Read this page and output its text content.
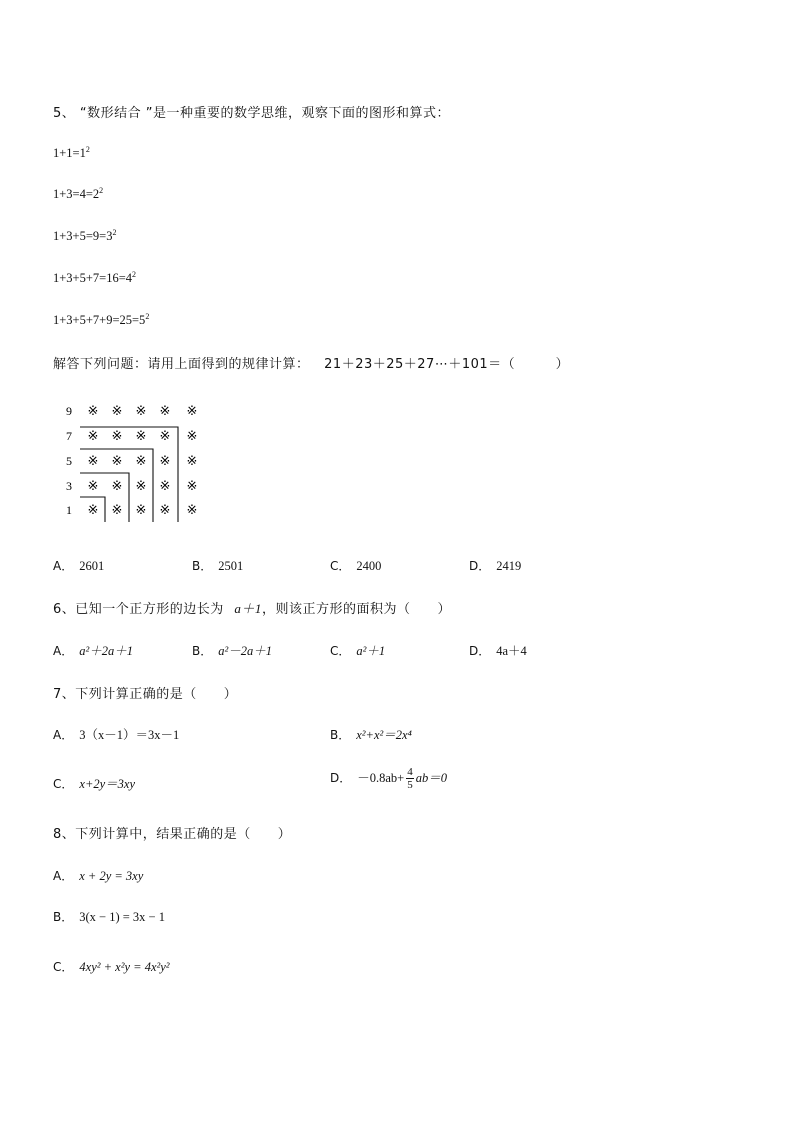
5、 “数形结合 ”是一种重要的数学思维，观察下面的图形和算式：
$1+1=1^2$
$1+3=4=2^2$
$1+3+5=9=3^2$
$1+3+5+7=16=4^2$
$1+3+5+7+9=25=5^2$
解答下列问题：请用上面得到的规律计算： 21＋23＋25＋27⋯＋101＝（　　　）
9
7
5
3
1
※ ※ ※ ※ ※
※ ※ ※ ※ ※
※ ※ ※ ※ ※
※ ※ ※ ※ ※
※ ※ ※ ※ ※
A． 2601	B． 2501	C． 2400	D． 2419
6、已知一个正方形的边长为 a＋1，则该正方形的面积为（　　）
A． a²＋2a＋1	B． a²－2a＋1	C． a²＋1	D． 4a＋4
7、下列计算正确的是（　　）
A． 3（x－1）＝3x－1	B． x²+x²＝2x⁴
C． x+2y＝3xy	D． $-0.8ab+ \frac{4}{5} ab=0$
8、下列计算中，结果正确的是（　　）
A． x + 2y = 3xy
B． 3(x − 1) = 3x − 1
C． 4xy² + x²y = 4x²y²
